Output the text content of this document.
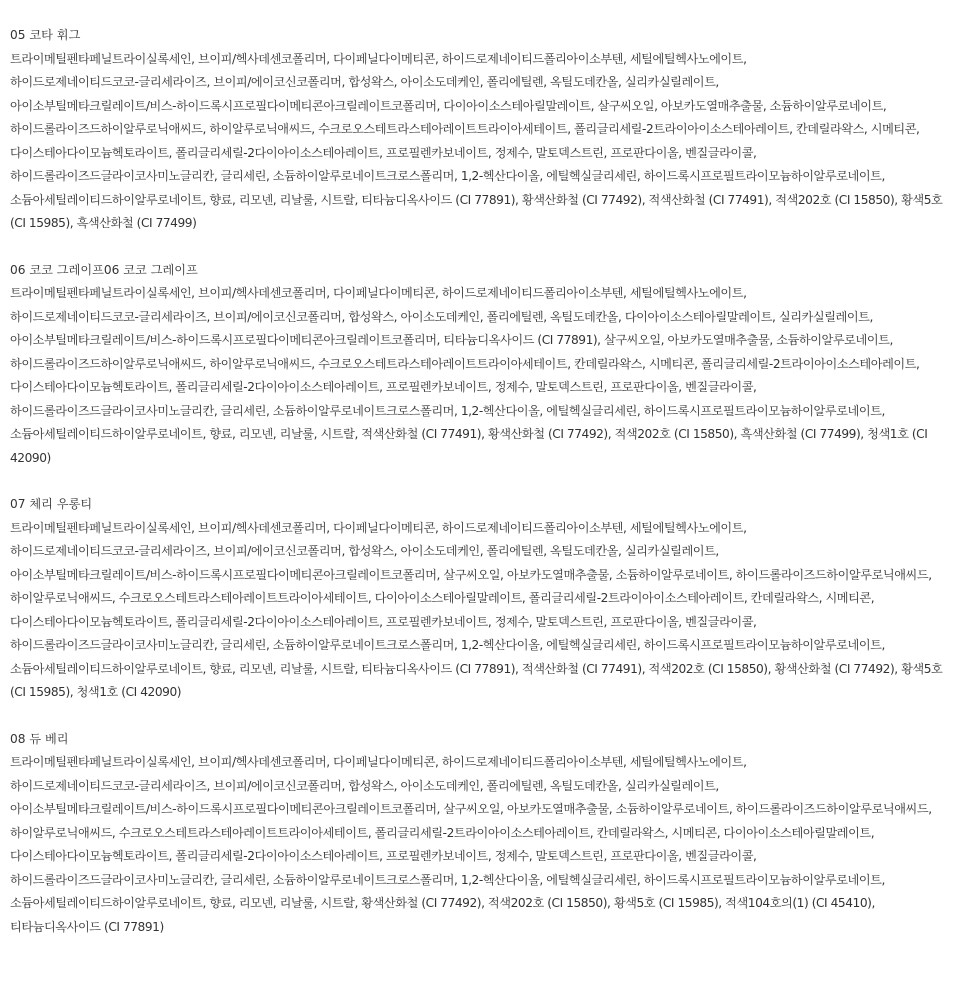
05 코타 휘그
트라이메틸펜타페닐트라이실록세인, 브이피/헥사데센코폴리머, 다이페닐다이메티콘, 하이드로제네이티드폴리아이소부텐, 세틸에틸헥사노에이트,
하이드로제네이티드코코-글리세라이즈, 브이피/에이코신코폴리머, 합성왁스, 아이소도데케인, 폴리에틸렌, 옥틸도데칸올, 실리카실릴레이트,
아이소부틸메타크릴레이트/비스-하이드록시프로필다이메티콘아크릴레이트코폴리머, 다이아이소스테아릴말레이트, 살구씨오일, 아보카도열매추출물, 소듐하이알루로네이트,
하이드롤라이즈드하이알루로닉애씨드, 하이알루로닉애씨드, 수크로오스테트라스테아레이트트라이아세테이트, 폴리글리세릴-2트라이아이소스테아레이트, 칸데릴라왁스, 시메티콘,
다이스테아다이모늄헥토라이트, 폴리글리세릴-2다이아이소스테아레이트, 프로필렌카보네이트, 정제수, 말토덱스트린, 프로판다이올, 벤질글라이콜,
하이드롤라이즈드글라이코사미노글리칸, 글리세린, 소듐하이알루로네이트크로스폴리머, 1,2-헥산다이올, 에틸헥실글리세린, 하이드록시프로필트라이모늄하이알루로네이트,
소듐아세틸레이티드하이알루로네이트, 향료, 리모넨, 리날룰, 시트랄, 티타늄디옥사이드 (CI 77891), 황색산화철 (CI 77492), 적색산화철 (CI 77491), 적색202호 (CI 15850), 황색5호
(CI 15985), 흑색산화철 (CI 77499)
06 코코 그레이프06 코코 그레이프
트라이메틸펜타페닐트라이실록세인, 브이피/헥사데센코폴리머, 다이페닐다이메티콘, 하이드로제네이티드폴리아이소부텐, 세틸에틸헥사노에이트,
하이드로제네이티드코코-글리세라이즈, 브이피/에이코신코폴리머, 합성왁스, 아이소도데케인, 폴리에틸렌, 옥틸도데칸올, 다이아이소스테아릴말레이트, 실리카실릴레이트,
아이소부틸메타크릴레이트/비스-하이드록시프로필다이메티콘아크릴레이트코폴리머, 티타늄디옥사이드 (CI 77891), 살구씨오일, 아보카도열매추출물, 소듐하이알루로네이트,
하이드롤라이즈드하이알루로닉애씨드, 하이알루로닉애씨드, 수크로오스테트라스테아레이트트라이아세테이트, 칸데릴라왁스, 시메티콘, 폴리글리세릴-2트라이아이소스테아레이트,
다이스테아다이모늄헥토라이트, 폴리글리세릴-2다이아이소스테아레이트, 프로필렌카보네이트, 정제수, 말토덱스트린, 프로판다이올, 벤질글라이콜,
하이드롤라이즈드글라이코사미노글리칸, 글리세린, 소듐하이알루로네이트크로스폴리머, 1,2-헥산다이올, 에틸헥실글리세린, 하이드록시프로필트라이모늄하이알루로네이트,
소듐아세틸레이티드하이알루로네이트, 향료, 리모넨, 리날룰, 시트랄, 적색산화철 (CI 77491), 황색산화철 (CI 77492), 적색202호 (CI 15850), 흑색산화철 (CI 77499), 청색1호 (CI
42090)
07 체리 우롱티
트라이메틸펜타페닐트라이실록세인, 브이피/헥사데센코폴리머, 다이페닐다이메티콘, 하이드로제네이티드폴리아이소부텐, 세틸에틸헥사노에이트,
하이드로제네이티드코코-글리세라이즈, 브이피/에이코신코폴리머, 합성왁스, 아이소도데케인, 폴리에틸렌, 옥틸도데칸올, 실리카실릴레이트,
아이소부틸메타크릴레이트/비스-하이드록시프로필다이메티콘아크릴레이트코폴리머, 살구씨오일, 아보카도열매추출물, 소듐하이알루로네이트, 하이드롤라이즈드하이알루로닉애씨드,
하이알루로닉애씨드, 수크로오스테트라스테아레이트트라이아세테이트, 다이아이소스테아릴말레이트, 폴리글리세릴-2트라이아이소스테아레이트, 칸데릴라왁스, 시메티콘,
다이스테아다이모늄헥토라이트, 폴리글리세릴-2다이아이소스테아레이트, 프로필렌카보네이트, 정제수, 말토덱스트린, 프로판다이올, 벤질글라이콜,
하이드롤라이즈드글라이코사미노글리칸, 글리세린, 소듐하이알루로네이트크로스폴리머, 1,2-헥산다이올, 에틸헥실글리세린, 하이드록시프로필트라이모늄하이알루로네이트,
소듐아세틸레이티드하이알루로네이트, 향료, 리모넨, 리날룰, 시트랄, 티타늄디옥사이드 (CI 77891), 적색산화철 (CI 77491), 적색202호 (CI 15850), 황색산화철 (CI 77492), 황색5호
(CI 15985), 청색1호 (CI 42090)
08 듀 베리
트라이메틸펜타페닐트라이실록세인, 브이피/헥사데센코폴리머, 다이페닐다이메티콘, 하이드로제네이티드폴리아이소부텐, 세틸에틸헥사노에이트,
하이드로제네이티드코코-글리세라이즈, 브이피/에이코신코폴리머, 합성왁스, 아이소도데케인, 폴리에틸렌, 옥틸도데칸올, 실리카실릴레이트,
아이소부틸메타크릴레이트/비스-하이드록시프로필다이메티콘아크릴레이트코폴리머, 살구씨오일, 아보카도열매추출물, 소듐하이알루로네이트, 하이드롤라이즈드하이알루로닉애씨드,
하이알루로닉애씨드, 수크로오스테트라스테아레이트트라이아세테이트, 폴리글리세릴-2트라이아이소스테아레이트, 칸데릴라왁스, 시메티콘, 다이아이소스테아릴말레이트,
다이스테아다이모늄헥토라이트, 폴리글리세릴-2다이아이소스테아레이트, 프로필렌카보네이트, 정제수, 말토덱스트린, 프로판다이올, 벤질글라이콜,
하이드롤라이즈드글라이코사미노글리칸, 글리세린, 소듐하이알루로네이트크로스폴리머, 1,2-헥산다이올, 에틸헥실글리세린, 하이드록시프로필트라이모늄하이알루로네이트,
소듐아세틸레이티드하이알루로네이트, 향료, 리모넨, 리날룰, 시트랄, 황색산화철 (CI 77492), 적색202호 (CI 15850), 황색5호 (CI 15985), 적색104호의(1) (CI 45410),
티타늄디옥사이드 (CI 77891)
